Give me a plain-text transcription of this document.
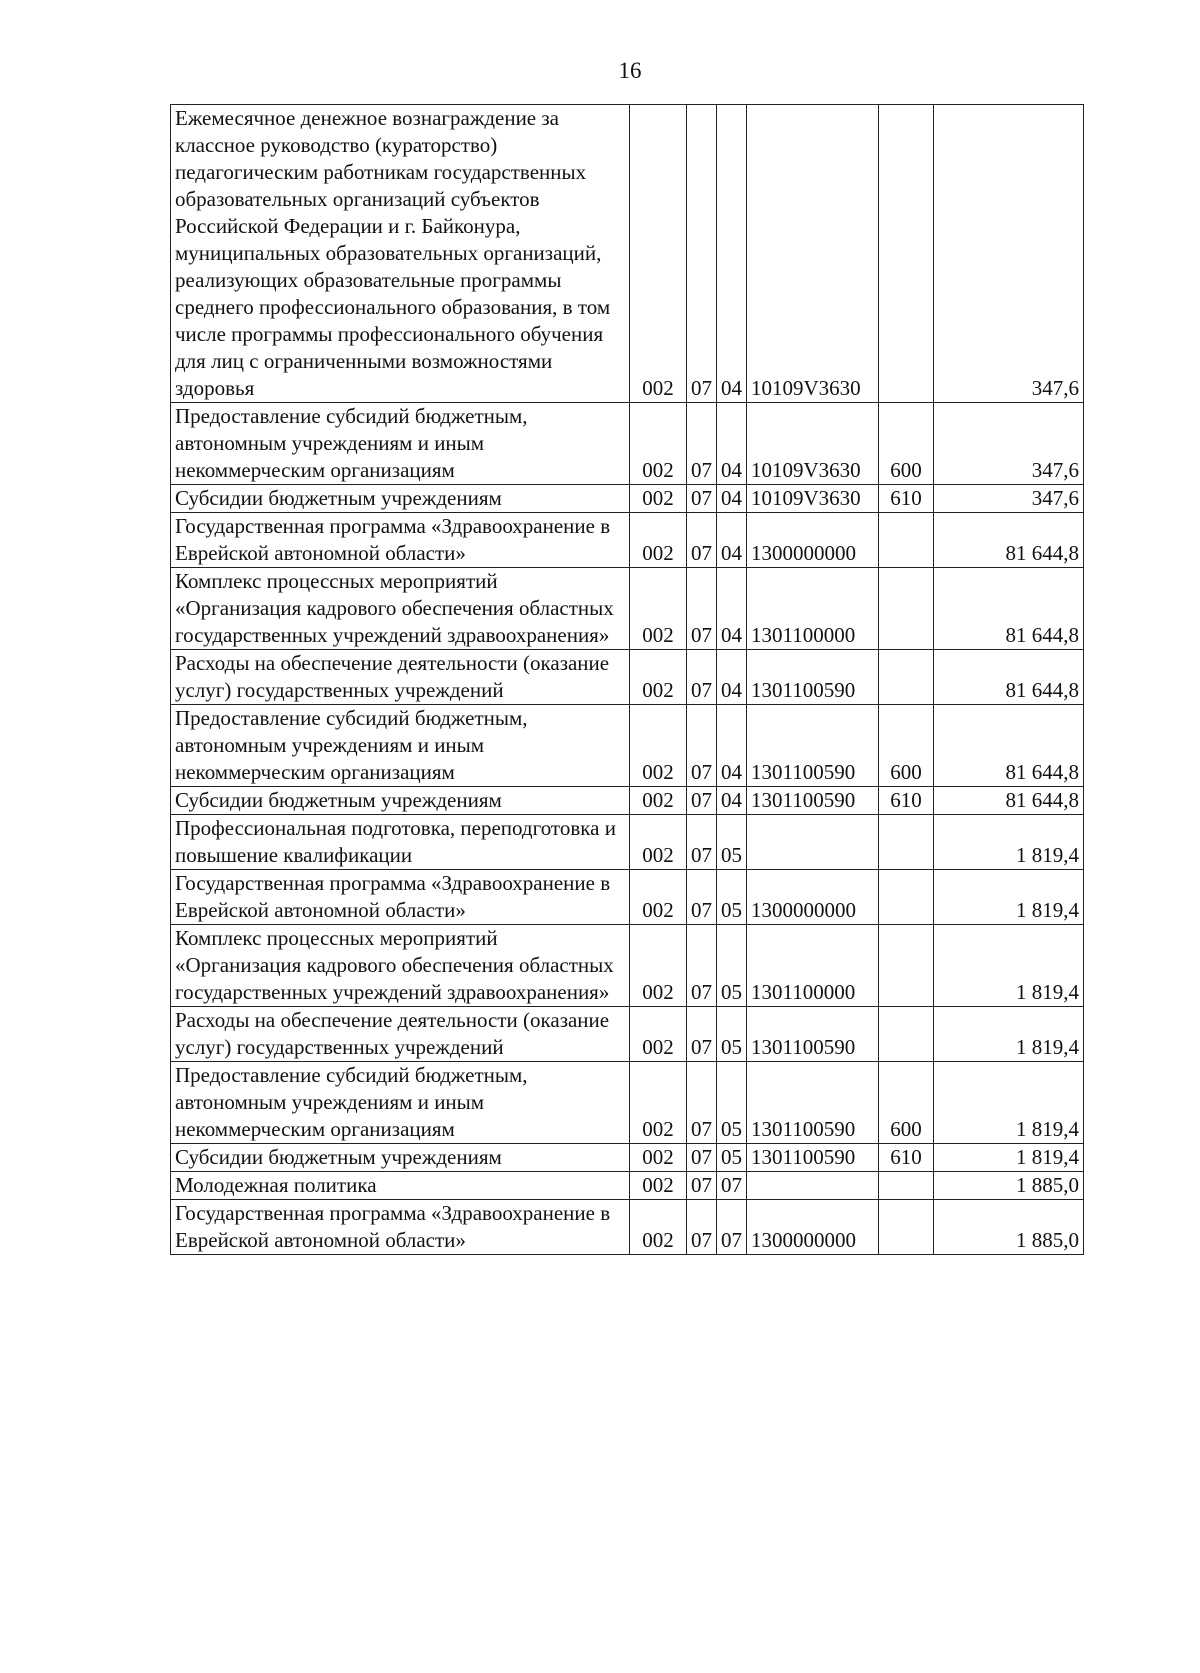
16
Ежемесячное денежное вознаграждение за классное руководство (кураторство) педагогическим работникам государственных образовательных организаций субъектов Российской Федерации и г. Байконура, муниципальных образовательных организаций, реализующих образовательные программы среднего профессионального образования, в том числе программы профессионального обучения для лиц с ограниченными возможностями здоровья	002	07	04	10109V3630		347,6
Предоставление субсидий бюджетным, автономным учреждениям и иным некоммерческим организациям	002	07	04	10109V3630	600	347,6
Субсидии бюджетным учреждениям	002	07	04	10109V3630	610	347,6
Государственная программа «Здравоохранение в Еврейской автономной области»	002	07	04	1300000000		81 644,8
Комплекс процессных мероприятий «Организация кадрового обеспечения областных государственных учреждений здравоохранения»	002	07	04	1301100000		81 644,8
Расходы на обеспечение деятельности (оказание услуг) государственных учреждений	002	07	04	1301100590		81 644,8
Предоставление субсидий бюджетным, автономным учреждениям и иным некоммерческим организациям	002	07	04	1301100590	600	81 644,8
Субсидии бюджетным учреждениям	002	07	04	1301100590	610	81 644,8
Профессиональная подготовка, переподготовка и повышение квалификации	002	07	05			1 819,4
Государственная программа «Здравоохранение в Еврейской автономной области»	002	07	05	1300000000		1 819,4
Комплекс процессных мероприятий «Организация кадрового обеспечения областных государственных учреждений здравоохранения»	002	07	05	1301100000		1 819,4
Расходы на обеспечение деятельности (оказание услуг) государственных учреждений	002	07	05	1301100590		1 819,4
Предоставление субсидий бюджетным, автономным учреждениям и иным некоммерческим организациям	002	07	05	1301100590	600	1 819,4
Субсидии бюджетным учреждениям	002	07	05	1301100590	610	1 819,4
Молодежная политика	002	07	07			1 885,0
Государственная программа «Здравоохранение в Еврейской автономной области»	002	07	07	1300000000		1 885,0
